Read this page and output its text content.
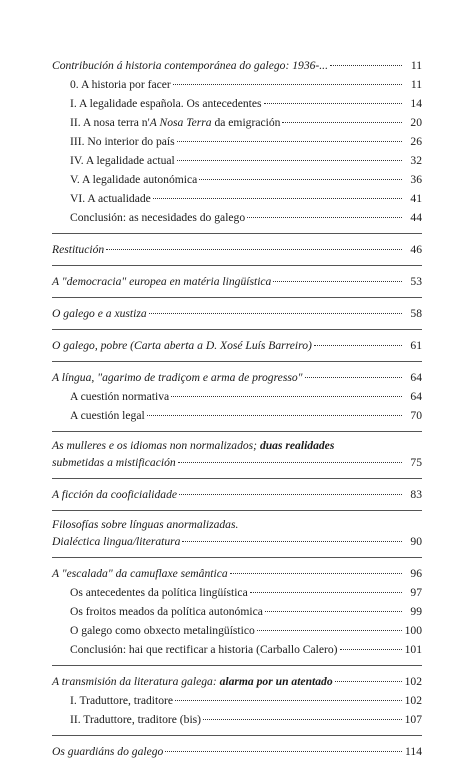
Contribución á historia contemporánea do galego: 1936-...	11
0. A historia por facer	11
I. A legalidade española. Os antecedentes	14
II. A nosa terra n'A Nosa Terra da emigración	20
III. No interior do país	26
IV. A legalidade actual	32
V. A legalidade autonómica	36
VI. A actualidade	41
Conclusión: as necesidades do galego	44
Restitución	46
A "democracia" europea en matéria lingüística	53
O galego e a xustiza	58
O galego, pobre (Carta aberta a D. Xosé Luís Barreiro)	61
A língua, "agarimo de tradiçom e arma de progresso"	64
A cuestión normativa	64
A cuestión legal	70
As mulleres e os idiomas non normalizados; duas realidades
submetidas a mistificación	75
A ficción da cooficialidade	83
Filosofías sobre línguas anormalizadas.
Dialéctica lingua/literatura	90
A "escalada" da camuflaxe semântica	96
Os antecedentes da política lingüística	97
Os froitos meados da política autonómica	99
O galego como obxecto metalingüístico	100
Conclusión: hai que rectificar a historia (Carballo Calero)	101
A transmisión da literatura galega: alarma por un atentado	102
I. Traduttore, traditore	102
II. Traduttore, traditore (bis)	107
Os guardiáns do galego	114
